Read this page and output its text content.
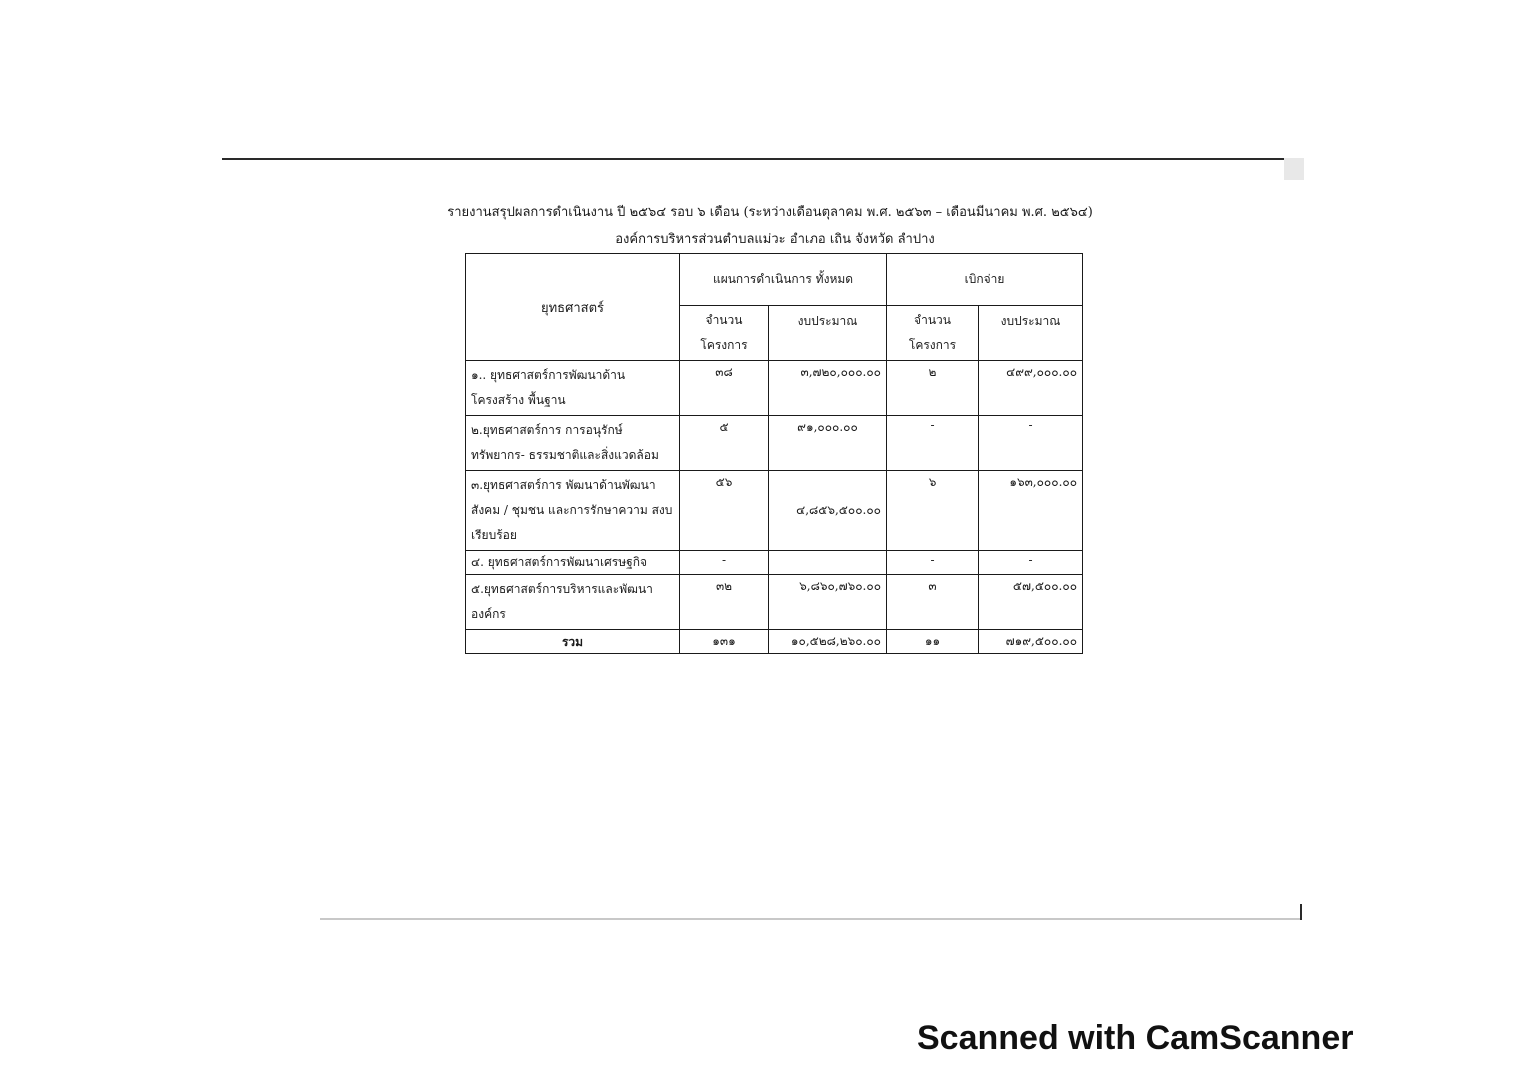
รายงานสรุปผลการดำเนินงาน ปี ๒๕๖๔ รอบ ๖ เดือน (ระหว่างเดือนตุลาคม พ.ศ. ๒๕๖๓ – เดือนมีนาคม พ.ศ. ๒๕๖๔)
องค์การบริหารส่วนตำบลแม่วะ อำเภอ เถิน จังหวัด ลำปาง
ยุทธศาสตร์	แผนการดำเนินการ ทั้งหมด		เบิกจ่าย	
	จำนวน โครงการ	งบประมาณ	จำนวน โครงการ	งบประมาณ
๑.. ยุทธศาสตร์การพัฒนาด้าน โครงสร้าง พื้นฐาน	๓๘	๓,๗๒๐,๐๐๐.๐๐	๒	๔๙๙,๐๐๐.๐๐
๒.ยุทธศาสตร์การ การอนุรักษ์ ทรัพยากร- ธรรมชาติและสิ่งแวดล้อม	๕	๙๑,๐๐๐.๐๐	-	-
๓.ยุทธศาสตร์การ พัฒนาด้านพัฒนา สังคม / ชุมชน และการรักษาความ สงบเรียบร้อย	๕๖	๔,๘๕๖,๕๐๐.๐๐	๖	๑๖๓,๐๐๐.๐๐
๔. ยุทธศาสตร์การพัฒนาเศรษฐกิจ	-		-	-
๕.ยุทธศาสตร์การบริหารและพัฒนา องค์กร	๓๒	๖,๘๖๐,๗๖๐.๐๐	๓	๕๗,๕๐๐.๐๐
รวม	๑๓๑	๑๐,๕๒๘,๒๖๐.๐๐	๑๑	๗๑๙,๕๐๐.๐๐
Scanned with CamScanner
